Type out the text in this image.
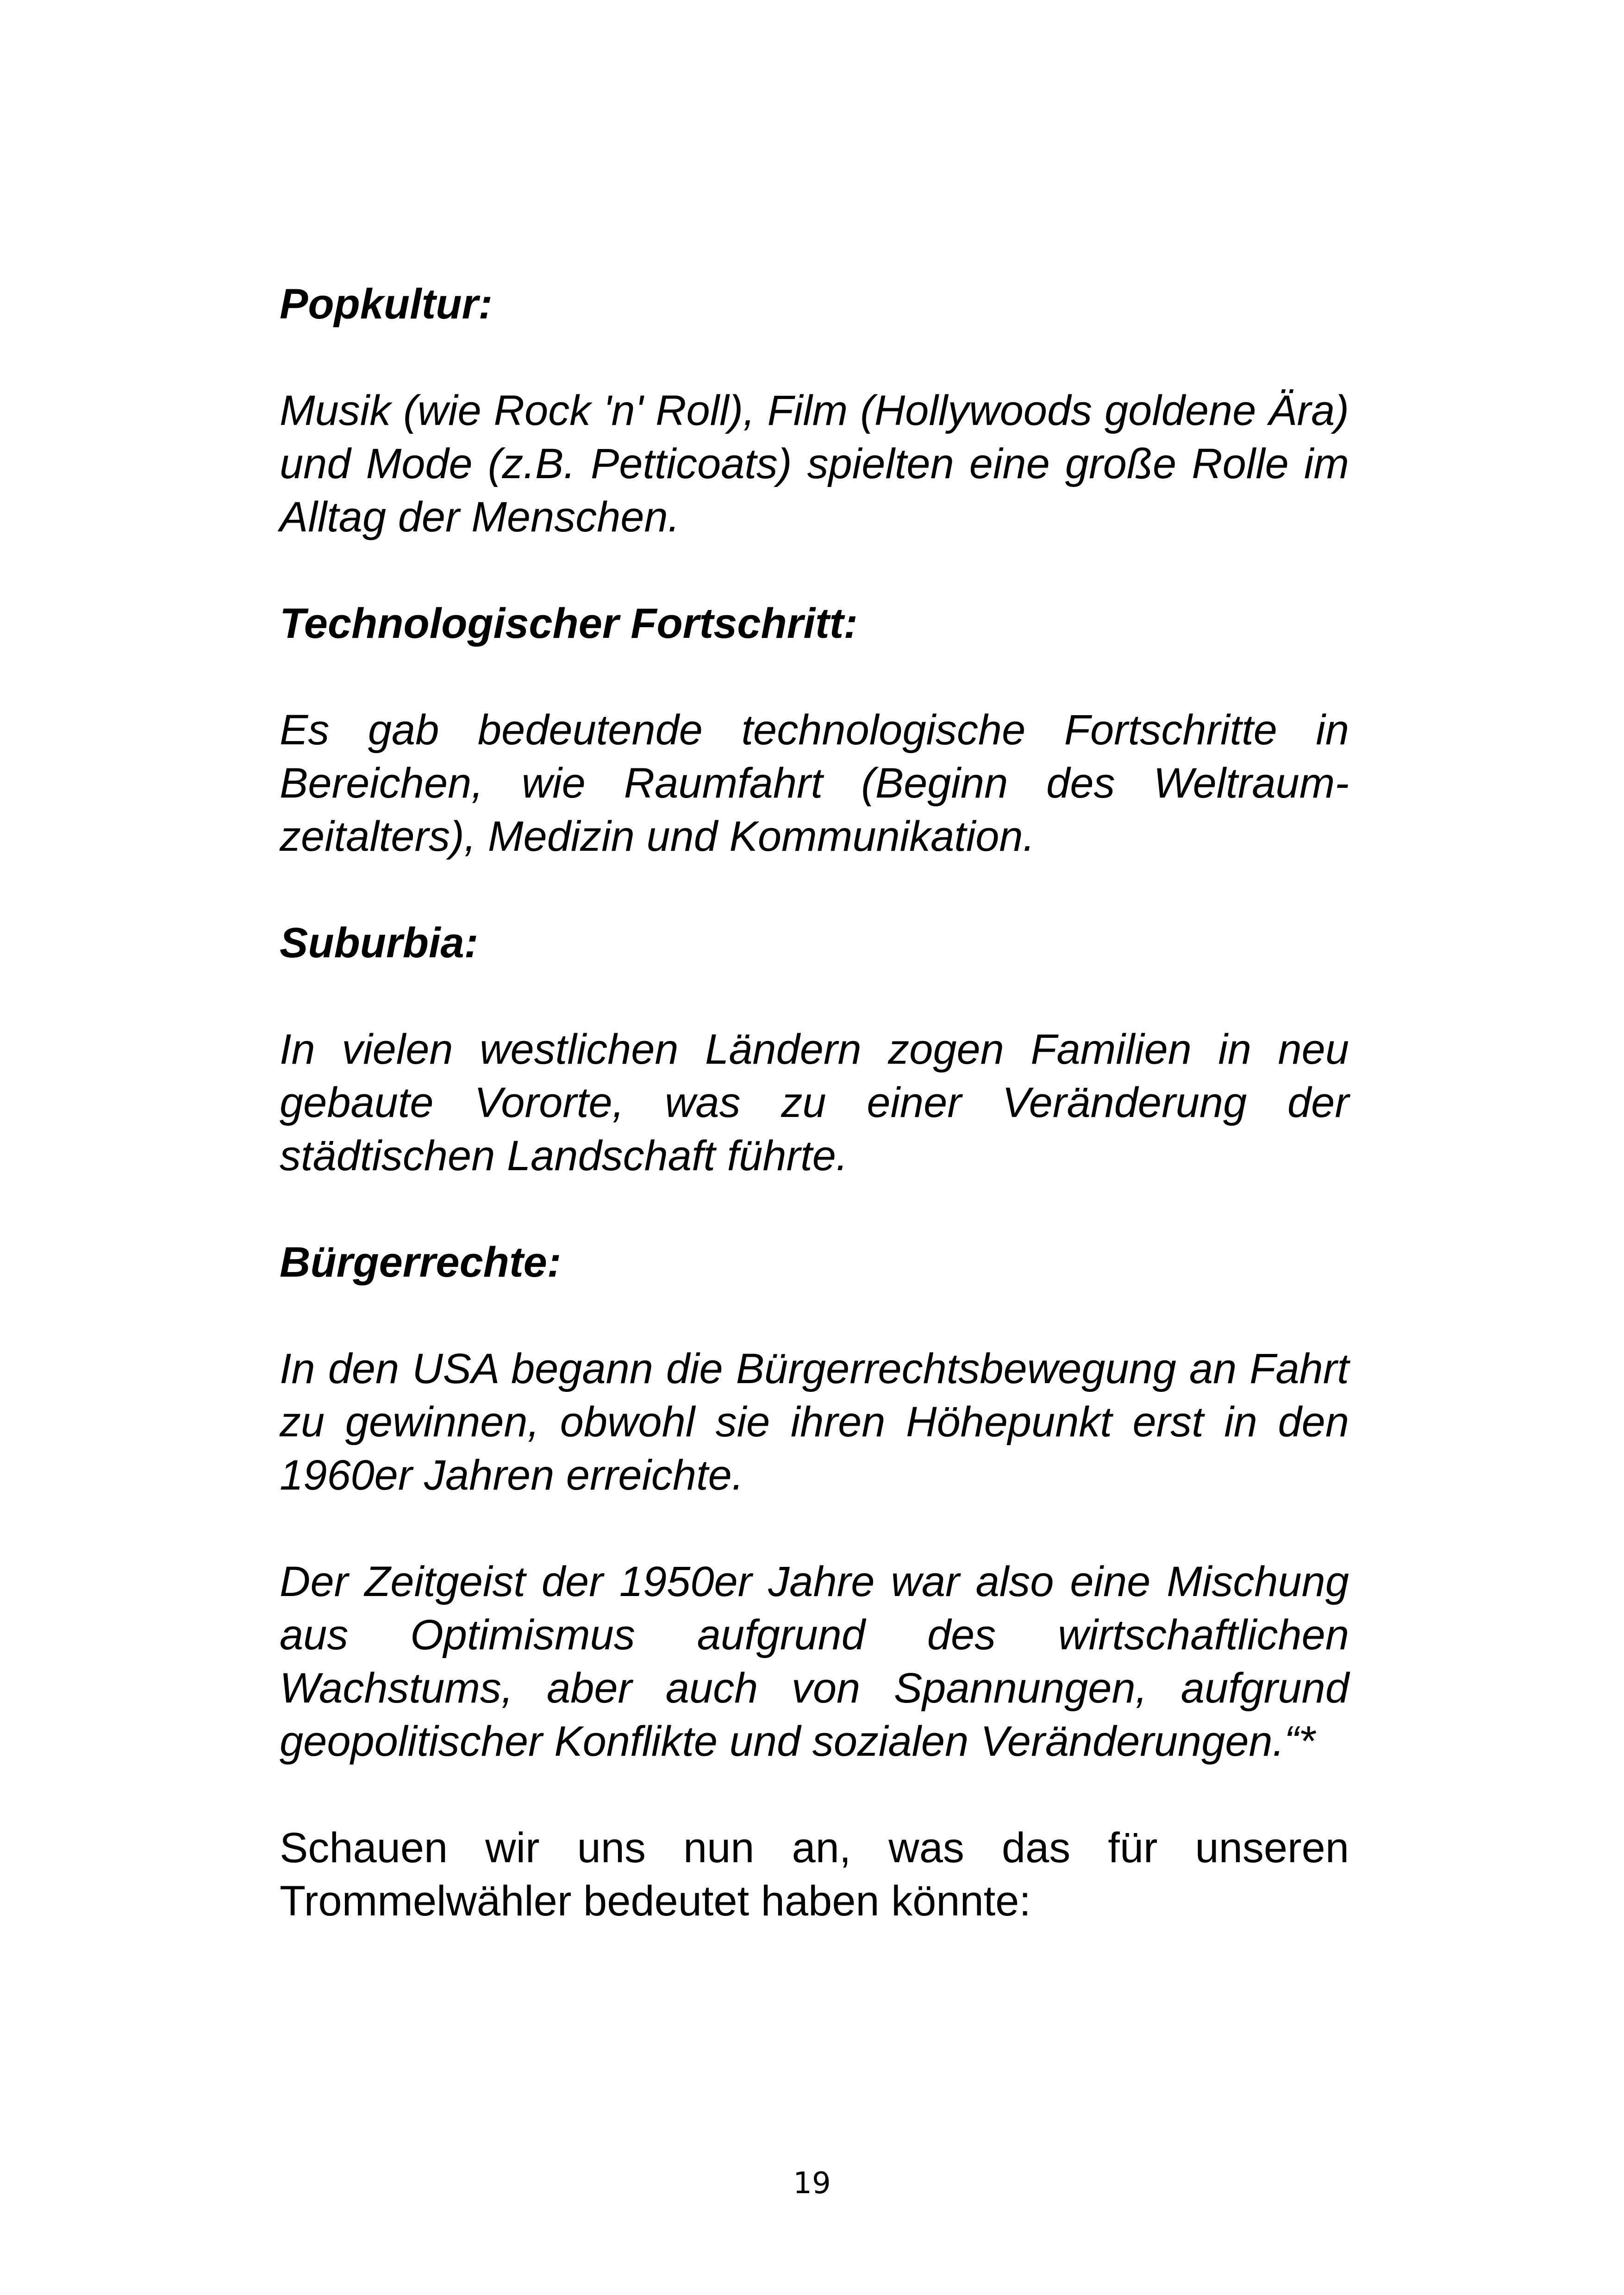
Popkultur:

Musik (wie Rock 'n' Roll), Film (Hollywoods goldene Ära) und Mode (z.B. Petticoats) spielten eine große Rolle im Alltag der Menschen.

Technologischer Fortschritt:

Es gab bedeutende technologische Fortschritte in Bereichen, wie Raumfahrt (Beginn des Weltraumzeitalters), Medizin und Kommunikation.

Suburbia:

In vielen westlichen Ländern zogen Familien in neu gebaute Vororte, was zu einer Veränderung der städtischen Landschaft führte.

Bürgerrechte:

In den USA begann die Bürgerrechtsbewegung an Fahrt zu gewinnen, obwohl sie ihren Höhepunkt erst in den 1960er Jahren erreichte.

Der Zeitgeist der 1950er Jahre war also eine Mischung aus Optimismus aufgrund des wirtschaftlichen Wachstums, aber auch von Spannungen, aufgrund geopolitischer Konflikte und sozialen Veränderungen.“*

Schauen wir uns nun an, was das für unseren Trommelwähler bedeutet haben könnte:

19
